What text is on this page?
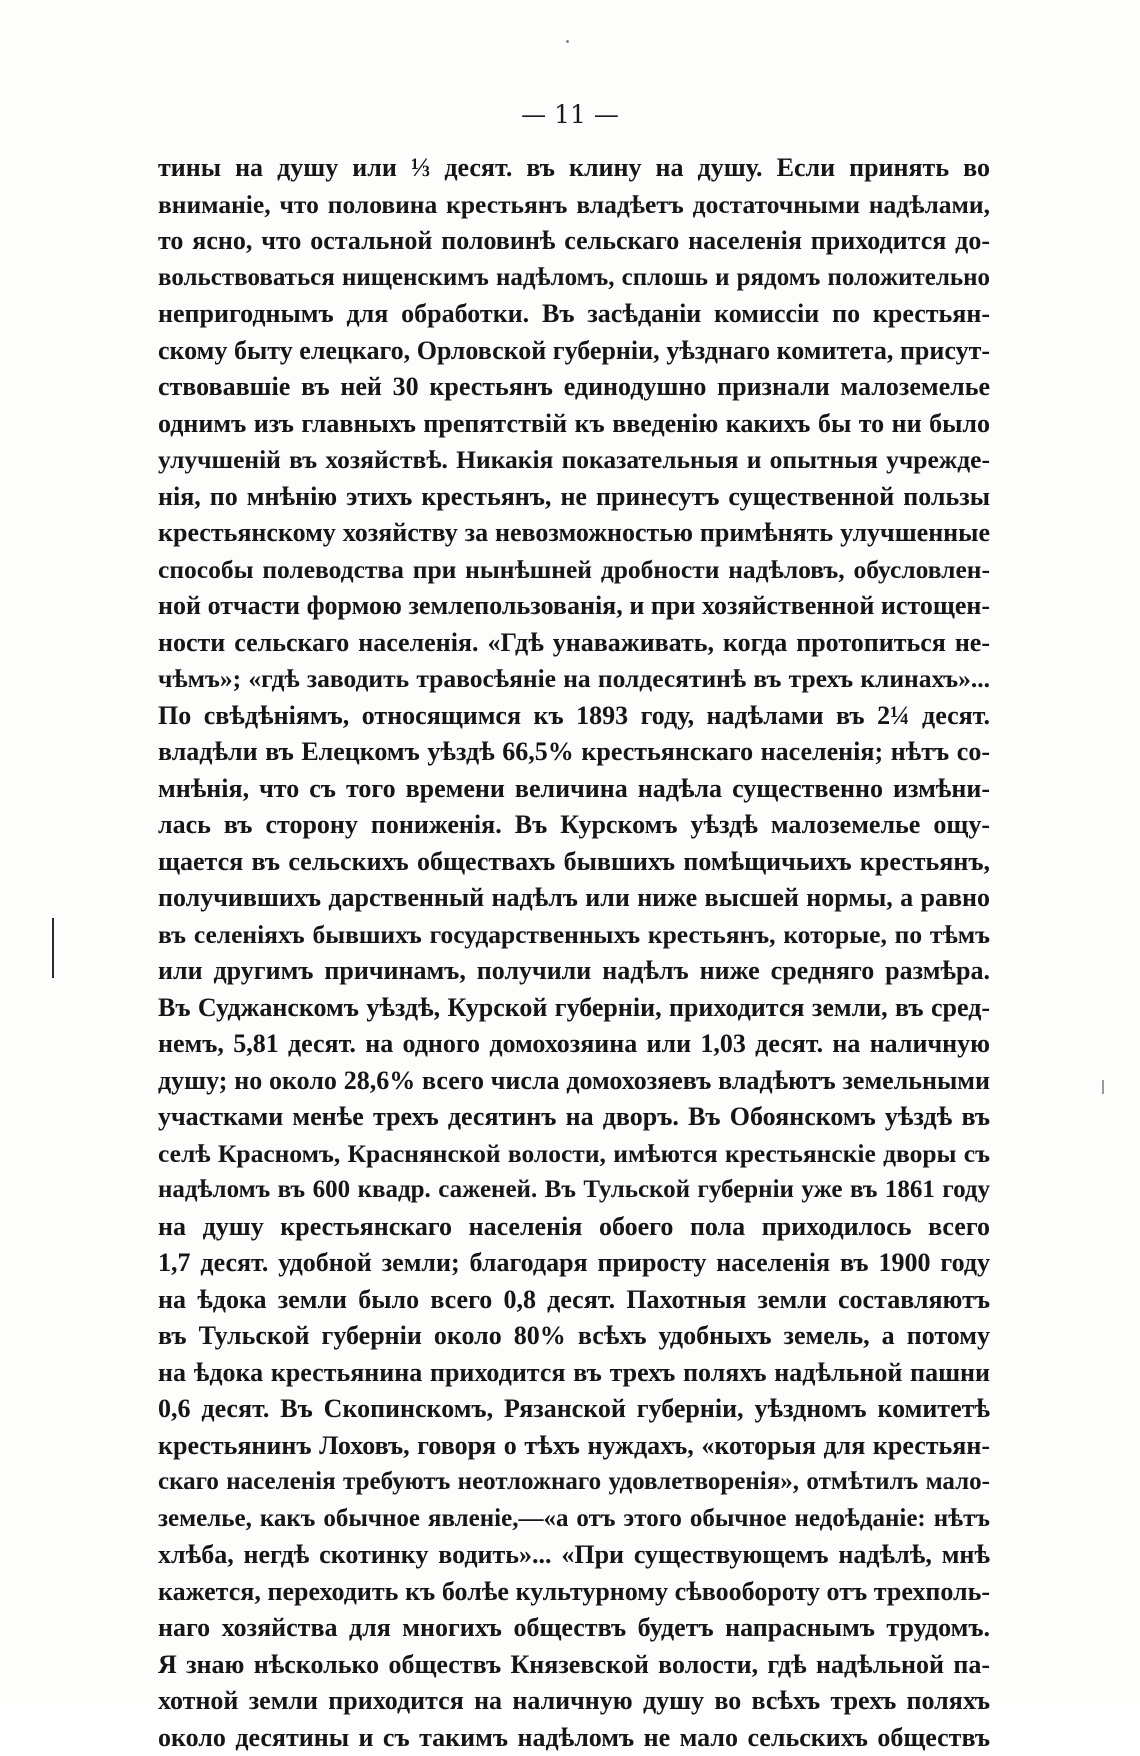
— 11 —
тины на душу или ⅓ десят. въ клину на душу. Если принять во
вниманіе, что половина крестьянъ владѣетъ достаточными надѣлами,
то ясно, что остальной половинѣ сельскаго населенія приходится до-
вольствоваться нищенскимъ надѣломъ, сплошь и рядомъ положительно
непригоднымъ для обработки. Въ засѣданіи комиссіи по крестьян-
скому быту елецкаго, Орловской губерніи, уѣзднаго комитета, присут-
ствовавшіе въ ней 30 крестьянъ единодушно признали малоземелье
однимъ изъ главныхъ препятствій къ введенію какихъ бы то ни было
улучшеній въ хозяйствѣ. Никакія показательныя и опытныя учрежде-
нія, по мнѣнію этихъ крестьянъ, не принесутъ существенной пользы
крестьянскому хозяйству за невозможностью примѣнять улучшенные
способы полеводства при нынѣшней дробности надѣловъ, обусловлен-
ной отчасти формою землепользованія, и при хозяйственной истощен-
ности сельскаго населенія. «Гдѣ унаваживать, когда протопиться не-
чѣмъ»; «гдѣ заводить травосѣяніе на полдесятинѣ въ трехъ клинахъ»...
По свѣдѣніямъ, относящимся къ 1893 году, надѣлами въ 2¼ десят.
владѣли въ Елецкомъ уѣздѣ 66,5% крестьянскаго населенія; нѣтъ со-
мнѣнія, что съ того времени величина надѣла существенно измѣни-
лась въ сторону пониженія. Въ Курскомъ уѣздѣ малоземелье ощу-
щается въ сельскихъ обществахъ бывшихъ помѣщичьихъ крестьянъ,
получившихъ дарственный надѣлъ или ниже высшей нормы, а равно
въ селеніяхъ бывшихъ государственныхъ крестьянъ, которые, по тѣмъ
или другимъ причинамъ, получили надѣлъ ниже средняго размѣра.
Въ Суджанскомъ уѣздѣ, Курской губерніи, приходится земли, въ сред-
немъ, 5,81 десят. на одного домохозяина или 1,03 десят. на наличную
душу; но около 28,6% всего числа домохозяевъ владѣютъ земельными
участками менѣе трехъ десятинъ на дворъ. Въ Обоянскомъ уѣздѣ въ
селѣ Красномъ, Краснянской волости, имѣются крестьянскіе дворы съ
надѣломъ въ 600 квадр. саженей. Въ Тульской губерніи уже въ 1861 году
на душу крестьянскаго населенія обоего пола приходилось всего
1,7 десят. удобной земли; благодаря приросту населенія въ 1900 году
на ѣдока земли было всего 0,8 десят. Пахотныя земли составляютъ
въ Тульской губерніи около 80% всѣхъ удобныхъ земель, а потому
на ѣдока крестьянина приходится въ трехъ поляхъ надѣльной пашни
0,6 десят. Въ Скопинскомъ, Рязанской губерніи, уѣздномъ комитетѣ
крестьянинъ Лоховъ, говоря о тѣхъ нуждахъ, «которыя для крестьян-
скаго населенія требуютъ неотложнаго удовлетворенія», отмѣтилъ мало-
земелье, какъ обычное явленіе,—«а отъ этого обычное недоѣданіе: нѣтъ
хлѣба, негдѣ скотинку водить»... «При существующемъ надѣлѣ, мнѣ
кажется, переходить къ болѣе культурному сѣвообороту отъ трехполь-
наго хозяйства для многихъ обществъ будетъ напраснымъ трудомъ.
Я знаю нѣсколько обществъ Князевской волости, гдѣ надѣльной па-
хотной земли приходится на наличную душу во всѣхъ трехъ поляхъ
около десятины и съ такимъ надѣломъ не мало сельскихъ обществъ
